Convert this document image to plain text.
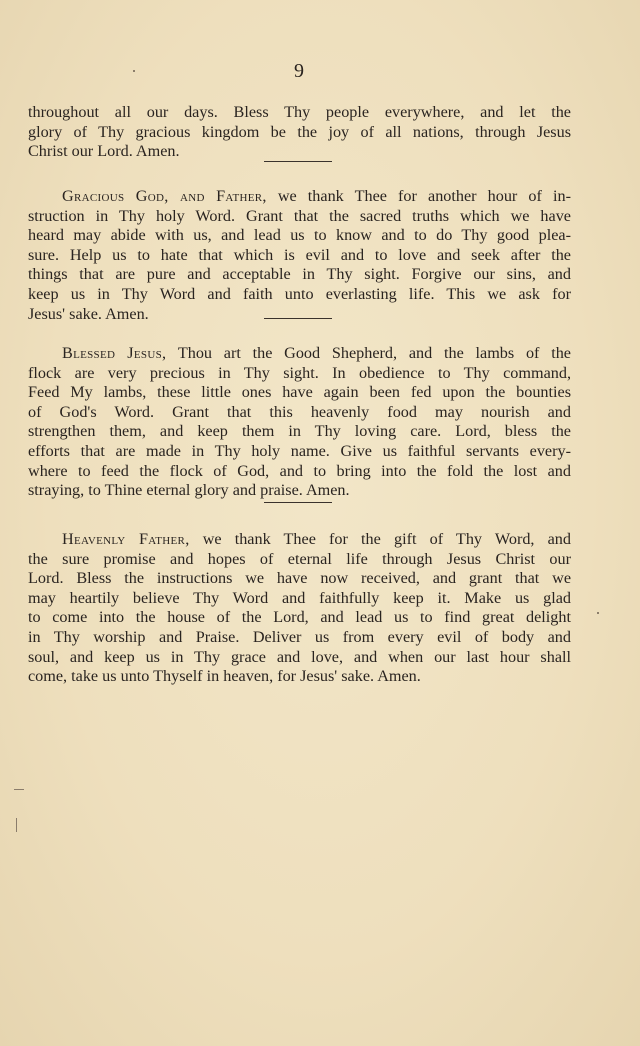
9
throughout all our days. Bless Thy people everywhere, and let the
glory of Thy gracious kingdom be the joy of all nations, through Jesus
Christ our Lord. Amen.
Gracious God, and Father, we thank Thee for another hour of in-
struction in Thy holy Word. Grant that the sacred truths which we have
heard may abide with us, and lead us to know and to do Thy good plea-
sure. Help us to hate that which is evil and to love and seek after the
things that are pure and acceptable in Thy sight. Forgive our sins, and
keep us in Thy Word and faith unto everlasting life. This we ask for
Jesus' sake. Amen.
Blessed Jesus, Thou art the Good Shepherd, and the lambs of the
flock are very precious in Thy sight. In obedience to Thy command,
Feed My lambs, these little ones have again been fed upon the bounties
of God's Word. Grant that this heavenly food may nourish and
strengthen them, and keep them in Thy loving care. Lord, bless the
efforts that are made in Thy holy name. Give us faithful servants every-
where to feed the flock of God, and to bring into the fold the lost and
straying, to Thine eternal glory and praise. Amen.
Heavenly Father, we thank Thee for the gift of Thy Word, and
the sure promise and hopes of eternal life through Jesus Christ our
Lord. Bless the instructions we have now received, and grant that we
may heartily believe Thy Word and faithfully keep it. Make us glad
to come into the house of the Lord, and lead us to find great delight
in Thy worship and Praise. Deliver us from every evil of body and
soul, and keep us in Thy grace and love, and when our last hour shall
come, take us unto Thyself in heaven, for Jesus' sake. Amen.
